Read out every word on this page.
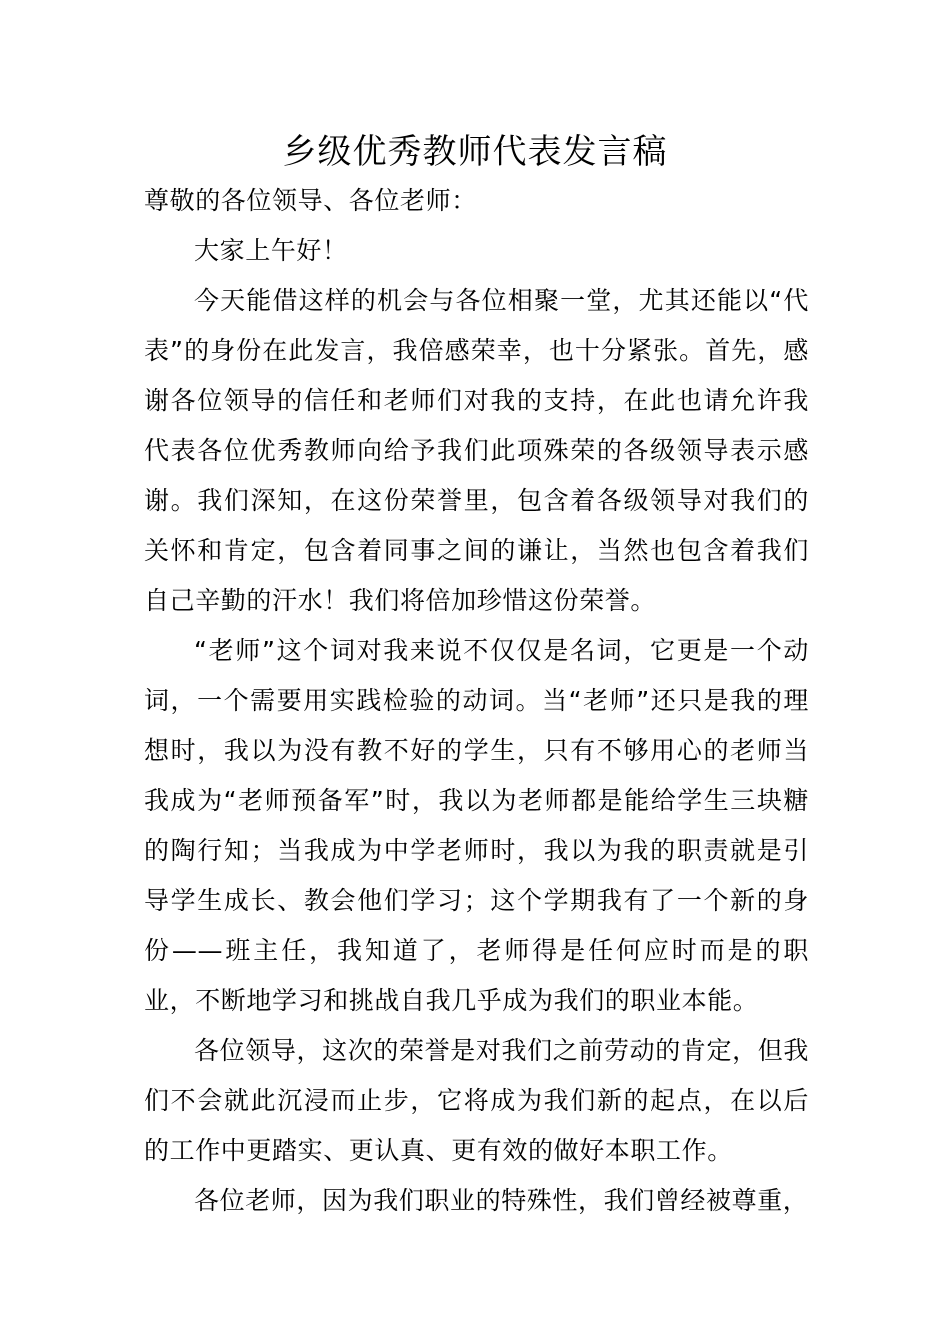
乡级优秀教师代表发言稿

尊敬的各位领导、各位老师：

大家上午好！

今天能借这样的机会与各位相聚一堂，尤其还能以“代表”的身份在此发言，我倍感荣幸，也十分紧张。首先，感谢各位领导的信任和老师们对我的支持，在此也请允许我代表各位优秀教师向给予我们此项殊荣的各级领导表示感谢。我们深知，在这份荣誉里，包含着各级领导对我们的关怀和肯定，包含着同事之间的谦让，当然也包含着我们自己辛勤的汗水！我们将倍加珍惜这份荣誉。

“老师”这个词对我来说不仅仅是名词，它更是一个动词，一个需要用实践检验的动词。当“老师”还只是我的理想时，我以为没有教不好的学生，只有不够用心的老师当我成为“老师预备军”时，我以为老师都是能给学生三块糖的陶行知；当我成为中学老师时，我以为我的职责就是引导学生成长、教会他们学习；这个学期我有了一个新的身份——班主任，我知道了，老师得是任何应时而是的职业，不断地学习和挑战自我几乎成为我们的职业本能。

各位领导，这次的荣誉是对我们之前劳动的肯定，但我们不会就此沉浸而止步，它将成为我们新的起点，在以后的工作中更踏实、更认真、更有效的做好本职工作。

各位老师，因为我们职业的特殊性，我们曾经被尊重，
